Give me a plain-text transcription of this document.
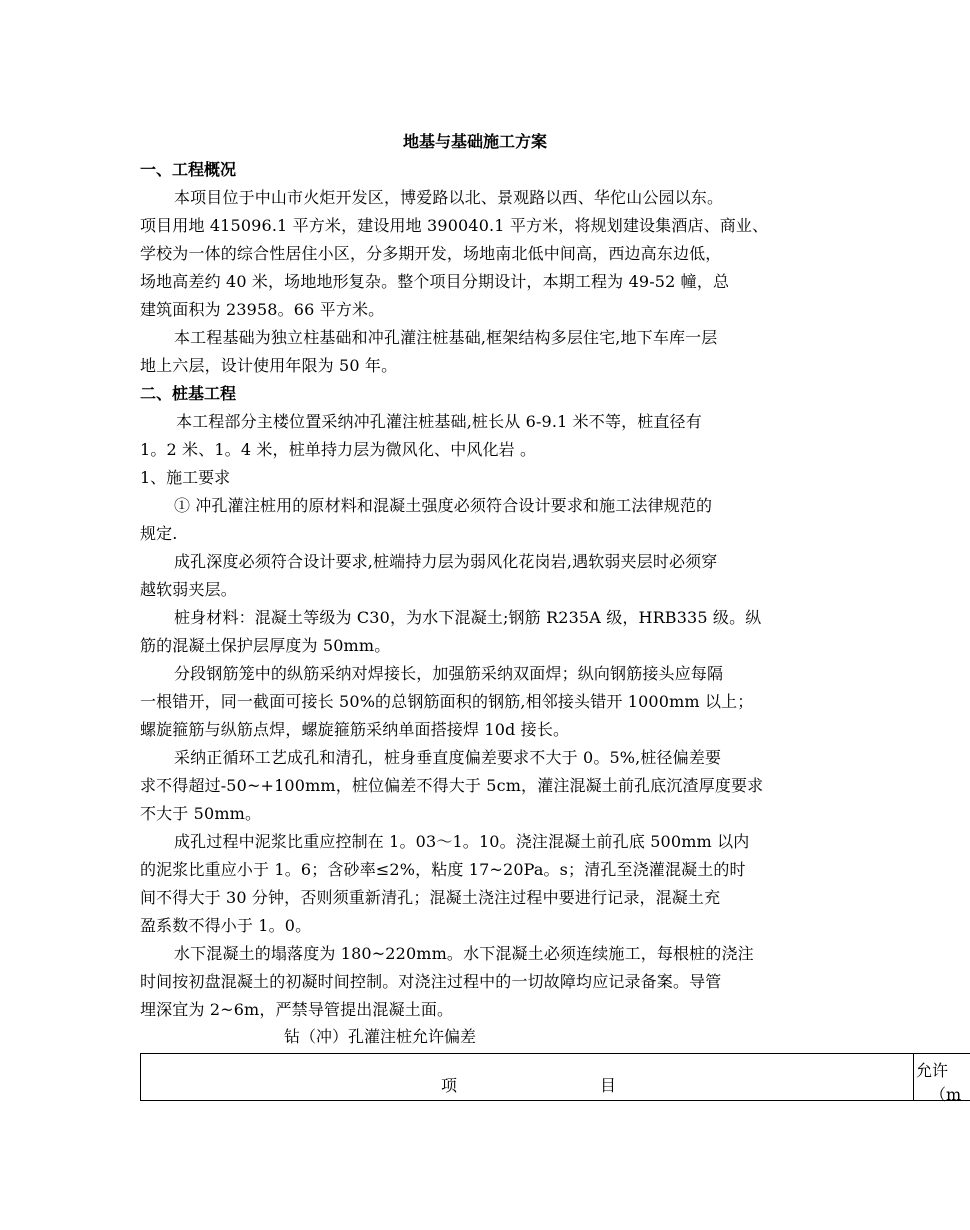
地基与基础施工方案
一、工程概况
本项目位于中山市火炬开发区，博爱路以北、景观路以西、华佗山公园以东。
项目用地 415096.1 平方米，建设用地 390040.1 平方米，将规划建设集酒店、商业、
学校为一体的综合性居住小区，分多期开发，场地南北低中间高，西边高东边低，
场地高差约 40 米，场地地形复杂。整个项目分期设计，本期工程为 49-52 幢，总
建筑面积为 23958。66 平方米。
本工程基础为独立柱基础和冲孔灌注桩基础,框架结构多层住宅,地下车库一层
地上六层，设计使用年限为 50 年。
二、桩基工程
本工程部分主楼位置采纳冲孔灌注桩基础,桩长从 6-9.1 米不等，桩直径有
1。2 米、1。4 米，桩单持力层为微风化、中风化岩 。
1、施工要求
① 冲孔灌注桩用的原材料和混凝土强度必须符合设计要求和施工法律规范的
规定.
成孔深度必须符合设计要求,桩端持力层为弱风化花岗岩,遇软弱夹层时必须穿
越软弱夹层。
桩身材料：混凝土等级为 C30，为水下混凝土;钢筋 R235A 级，HRB335 级。纵
筋的混凝土保护层厚度为 50mm。
分段钢筋笼中的纵筋采纳对焊接长，加强筋采纳双面焊；纵向钢筋接头应每隔
一根错开，同一截面可接长 50%的总钢筋面积的钢筋,相邻接头错开 1000mm 以上；
螺旋箍筋与纵筋点焊，螺旋箍筋采纳单面搭接焊 10d 接长。
采纳正循环工艺成孔和清孔，桩身垂直度偏差要求不大于 0。5%,桩径偏差要
求不得超过-50~+100mm，桩位偏差不得大于 5cm，灌注混凝土前孔底沉渣厚度要求
不大于 50mm。
成孔过程中泥浆比重应控制在 1。03～1。10。浇注混凝土前孔底 500mm 以内
的泥浆比重应小于 1。6；含砂率≤2%，粘度 17~20Pa。s；清孔至浇灌混凝土的时
间不得大于 30 分钟，否则须重新清孔；混凝土浇注过程中要进行记录，混凝土充
盈系数不得小于 1。0。
水下混凝土的塌落度为 180~220mm。水下混凝土必须连续施工，每根桩的浇注
时间按初盘混凝土的初凝时间控制。对浇注过程中的一切故障均应记录备案。导管
埋深宜为 2~6m，严禁导管提出混凝土面。
钻（冲）孔灌注桩允许偏差
项	目
允许
（m
